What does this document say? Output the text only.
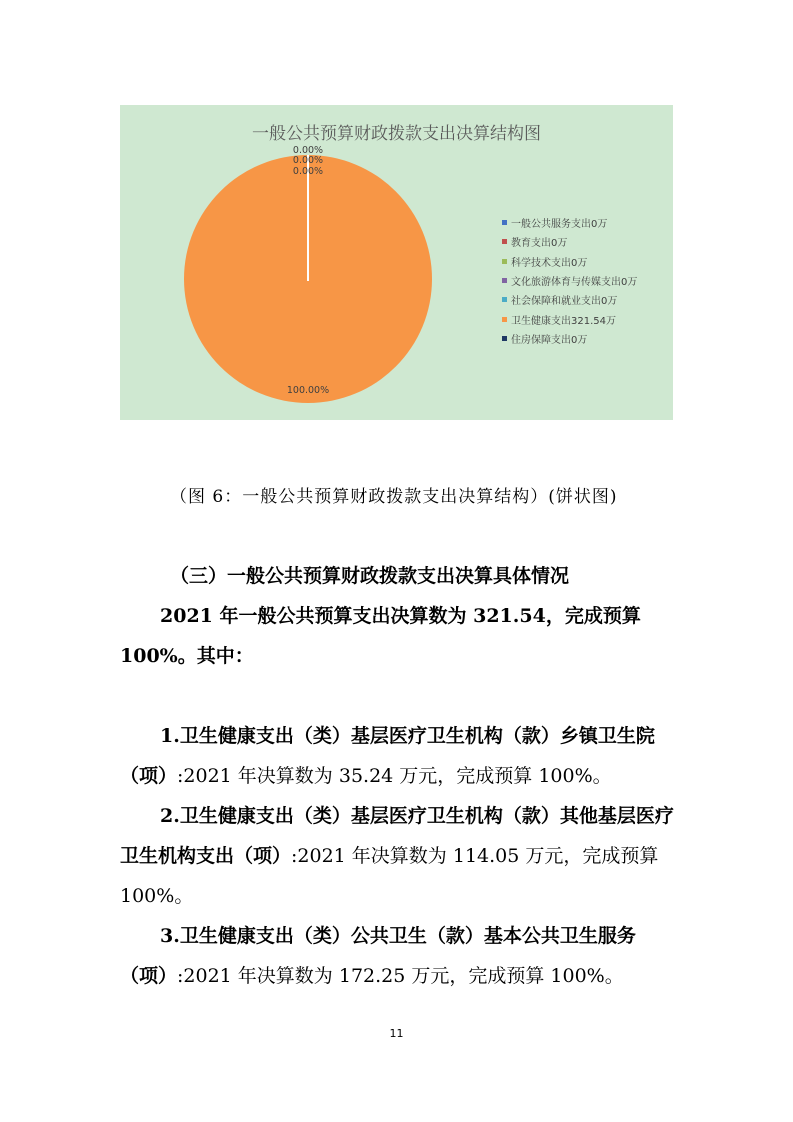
0.00%
0.00%
0.00%
100.00%
一般公共预算财政拨款支出决算结构图
一般公共服务支出0万
教育支出0万
科学技术支出0万
文化旅游体育与传媒支出0万
社会保障和就业支出0万
卫生健康支出321.54万
住房保障支出0万
（图 6：一般公共预算财政拨款支出决算结构）(饼状图)
（三）一般公共预算财政拨款支出决算具体情况
2021 年一般公共预算支出决算数为 321.54，完成预算 100%。其中：
1.卫生健康支出（类）基层医疗卫生机构（款）乡镇卫生院（项）:2021 年决算数为 35.24 万元，完成预算 100%。
2.卫生健康支出（类）基层医疗卫生机构（款）其他基层医疗卫生机构支出（项）:2021 年决算数为 114.05 万元，完成预算 100%。
3.卫生健康支出（类）公共卫生（款）基本公共卫生服务（项）:2021 年决算数为 172.25 万元，完成预算 100%。
11
